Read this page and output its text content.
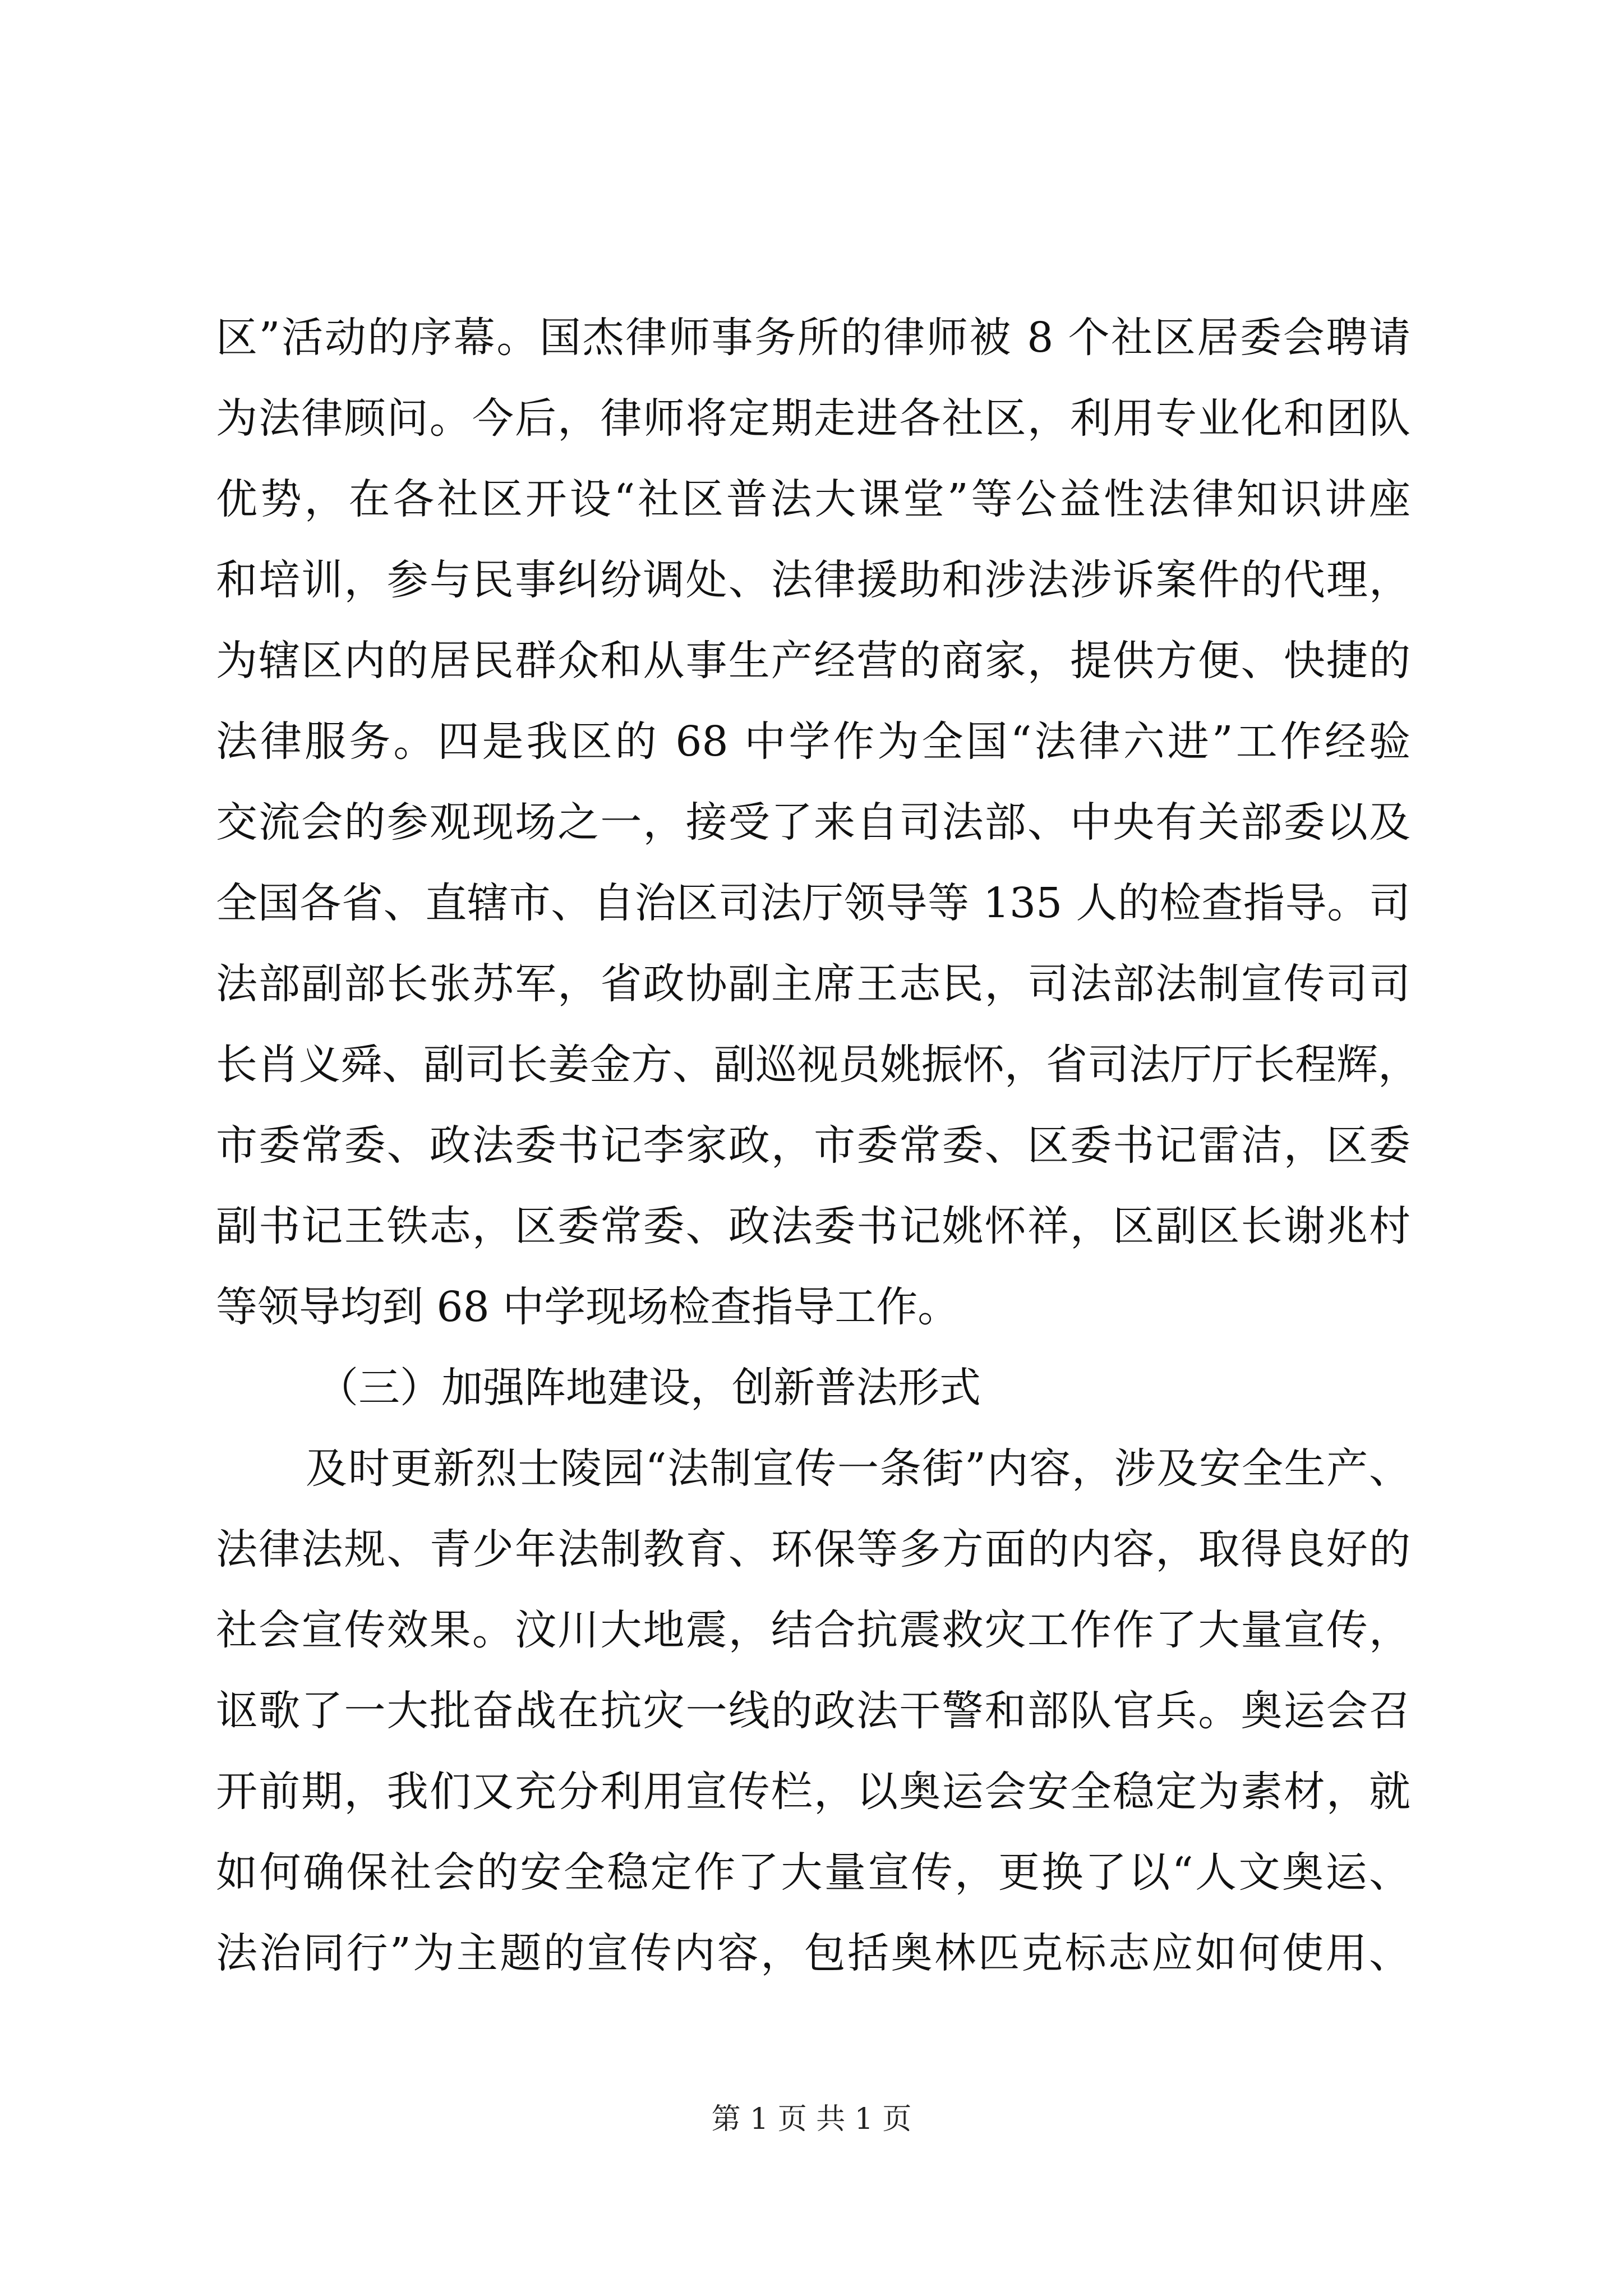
区”活动的序幕。国杰律师事务所的律师被 8 个社区居委会聘请
为法律顾问。今后，律师将定期走进各社区，利用专业化和团队
优势，在各社区开设“社区普法大课堂”等公益性法律知识讲座
和培训，参与民事纠纷调处、法律援助和涉法涉诉案件的代理，
为辖区内的居民群众和从事生产经营的商家，提供方便、快捷的
法律服务。四是我区的 68 中学作为全国“法律六进”工作经验
交流会的参观现场之一，接受了来自司法部、中央有关部委以及
全国各省、直辖市、自治区司法厅领导等 135 人的检查指导。司
法部副部长张苏军，省政协副主席王志民，司法部法制宣传司司
长肖义舜、副司长姜金方、副巡视员姚振怀，省司法厅厅长程辉，
市委常委、政法委书记李家政，市委常委、区委书记雷洁，区委
副书记王铁志，区委常委、政法委书记姚怀祥，区副区长谢兆村
等领导均到 68 中学现场检查指导工作。
（三）加强阵地建设，创新普法形式
及时更新烈士陵园“法制宣传一条街”内容，涉及安全生产、
法律法规、青少年法制教育、环保等多方面的内容，取得良好的
社会宣传效果。汶川大地震，结合抗震救灾工作作了大量宣传，
讴歌了一大批奋战在抗灾一线的政法干警和部队官兵。奥运会召
开前期，我们又充分利用宣传栏，以奥运会安全稳定为素材，就
如何确保社会的安全稳定作了大量宣传，更换了以“人文奥运、
法治同行”为主题的宣传内容，包括奥林匹克标志应如何使用、
第 1 页 共 1 页
